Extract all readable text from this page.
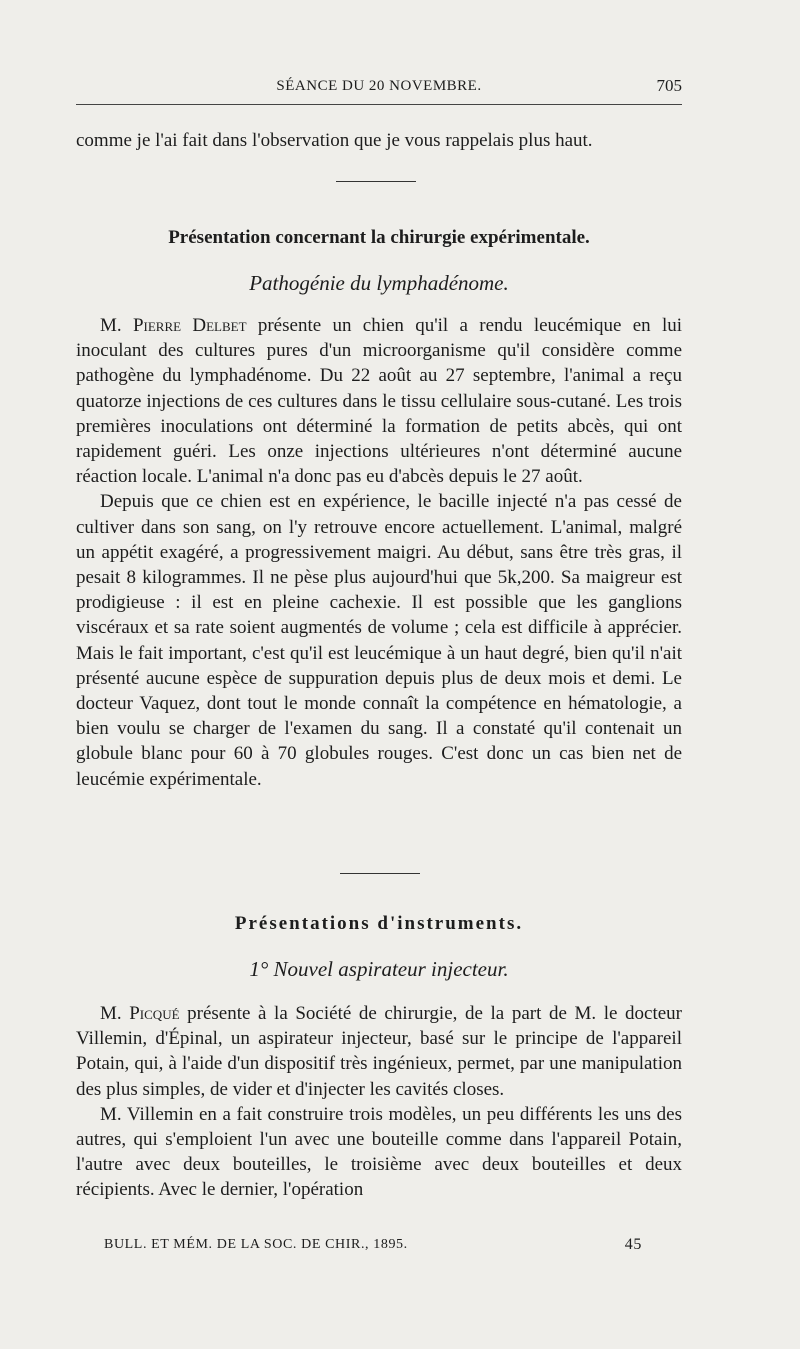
SÉANCE DU 20 NOVEMBRE.	705

comme je l'ai fait dans l'observation que je vous rappelais plus haut.

Présentation concernant la chirurgie expérimentale.
Pathogénie du lymphadénome.

M. Pierre Delbet présente un chien qu'il a rendu leucémique en lui inoculant des cultures pures d'un microorganisme qu'il considère comme pathogène du lymphadénome. Du 22 août au 27 septembre, l'animal a reçu quatorze injections de ces cultures dans le tissu cellulaire sous-cutané. Les trois premières inoculations ont déterminé la formation de petits abcès, qui ont rapidement guéri. Les onze injections ultérieures n'ont déterminé aucune réaction locale. L'animal n'a donc pas eu d'abcès depuis le 27 août.

Depuis que ce chien est en expérience, le bacille injecté n'a pas cessé de cultiver dans son sang, on l'y retrouve encore actuellement. L'animal, malgré un appétit exagéré, a progressivement maigri. Au début, sans être très gras, il pesait 8 kilogrammes. Il ne pèse plus aujourd'hui que 5k,200. Sa maigreur est prodigieuse : il est en pleine cachexie. Il est possible que les ganglions viscéraux et sa rate soient augmentés de volume ; cela est difficile à apprécier. Mais le fait important, c'est qu'il est leucémique à un haut degré, bien qu'il n'ait présenté aucune espèce de suppuration depuis plus de deux mois et demi. Le docteur Vaquez, dont tout le monde connaît la compétence en hématologie, a bien voulu se charger de l'examen du sang. Il a constaté qu'il contenait un globule blanc pour 60 à 70 globules rouges. C'est donc un cas bien net de leucémie expérimentale.

Présentations d'instruments.
1° Nouvel aspirateur injecteur.

M. Picqué présente à la Société de chirurgie, de la part de M. le docteur Villemin, d'Épinal, un aspirateur injecteur, basé sur le principe de l'appareil Potain, qui, à l'aide d'un dispositif très ingénieux, permet, par une manipulation des plus simples, de vider et d'injecter les cavités closes.

M. Villemin en a fait construire trois modèles, un peu différents les uns des autres, qui s'emploient l'un avec une bouteille comme dans l'appareil Potain, l'autre avec deux bouteilles, le troisième avec deux bouteilles et deux récipients. Avec le dernier, l'opération

BULL. ET MÉM. DE LA SOC. DE CHIR., 1895.	45
